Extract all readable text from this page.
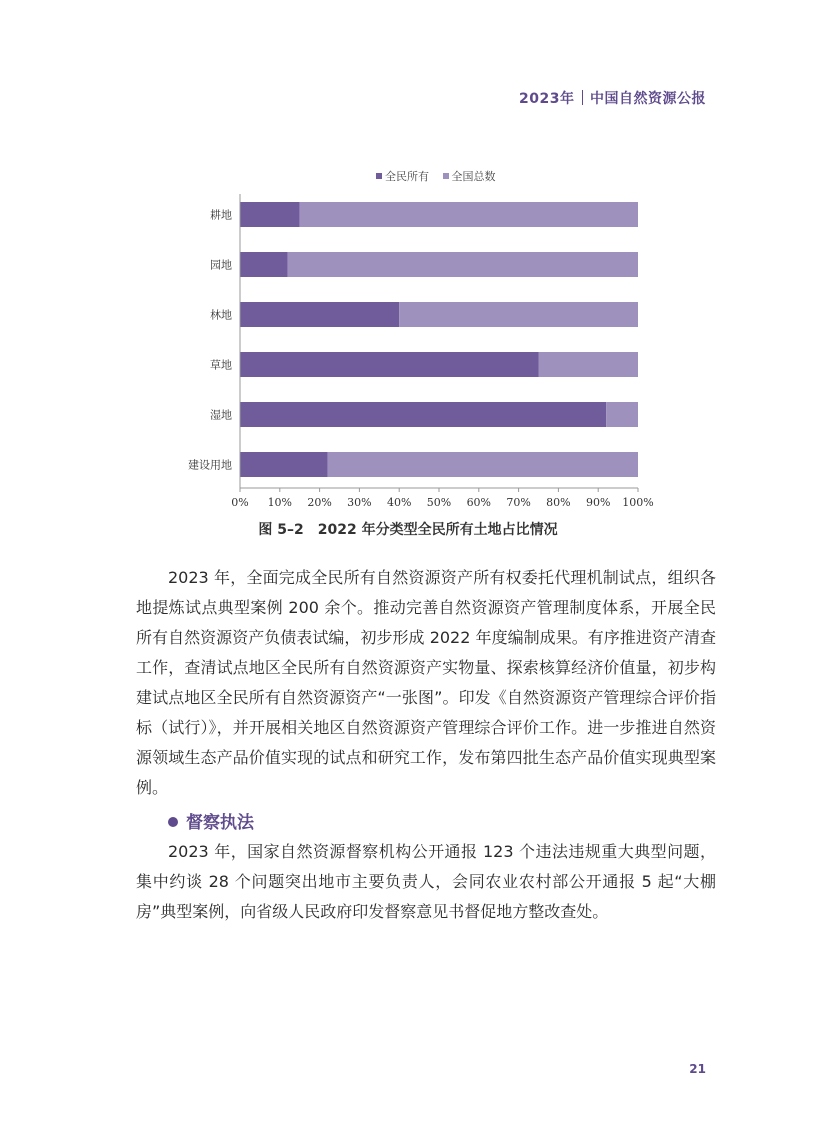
2023年 中国自然资源公报
全民所有 全国总数
耕地
园地
林地
草地
湿地
建设用地
0% 10% 20% 30% 40% 50% 60% 70% 80% 90% 100%
图 5–2　2022 年分类型全民所有土地占比情况
2023 年，全面完成全民所有自然资源资产所有权委托代理机制试点，组织各地提炼试点典型案例 200 余个。推动完善自然资源资产管理制度体系，开展全民所有自然资源资产负债表试编，初步形成 2022 年度编制成果。有序推进资产清查工作，查清试点地区全民所有自然资源资产实物量、探索核算经济价值量，初步构建试点地区全民所有自然资源资产“一张图”。印发《自然资源资产管理综合评价指标（试行）》，并开展相关地区自然资源资产管理综合评价工作。进一步推进自然资源领域生态产品价值实现的试点和研究工作，发布第四批生态产品价值实现典型案例。
督察执法
2023 年，国家自然资源督察机构公开通报 123 个违法违规重大典型问题，集中约谈 28 个问题突出地市主要负责人，会同农业农村部公开通报 5 起“大棚房”典型案例，向省级人民政府印发督察意见书督促地方整改查处。
21
